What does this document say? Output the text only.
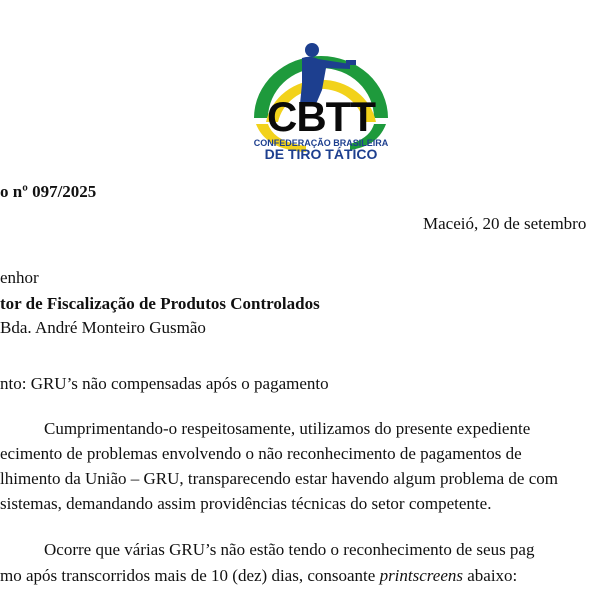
CBTT
CONFEDERAÇÃO BRASILEIRA
DE TIRO TÁTICO
o nº 097/2025
Maceió, 20 de setembro
enhor
tor de Fiscalização de Produtos Controlados
Bda. André Monteiro Gusmão
nto: GRU’s não compensadas após o pagamento
Cumprimentando-o respeitosamente, utilizamos do presente expediente
ecimento de problemas envolvendo o não reconhecimento de pagamentos de
lhimento da União – GRU, transparecendo estar havendo algum problema de com
sistemas, demandando assim providências técnicas do setor competente.
Ocorre que várias GRU’s não estão tendo o reconhecimento de seus pag
mo após transcorridos mais de 10 (dez) dias, consoante printscreens abaixo:
